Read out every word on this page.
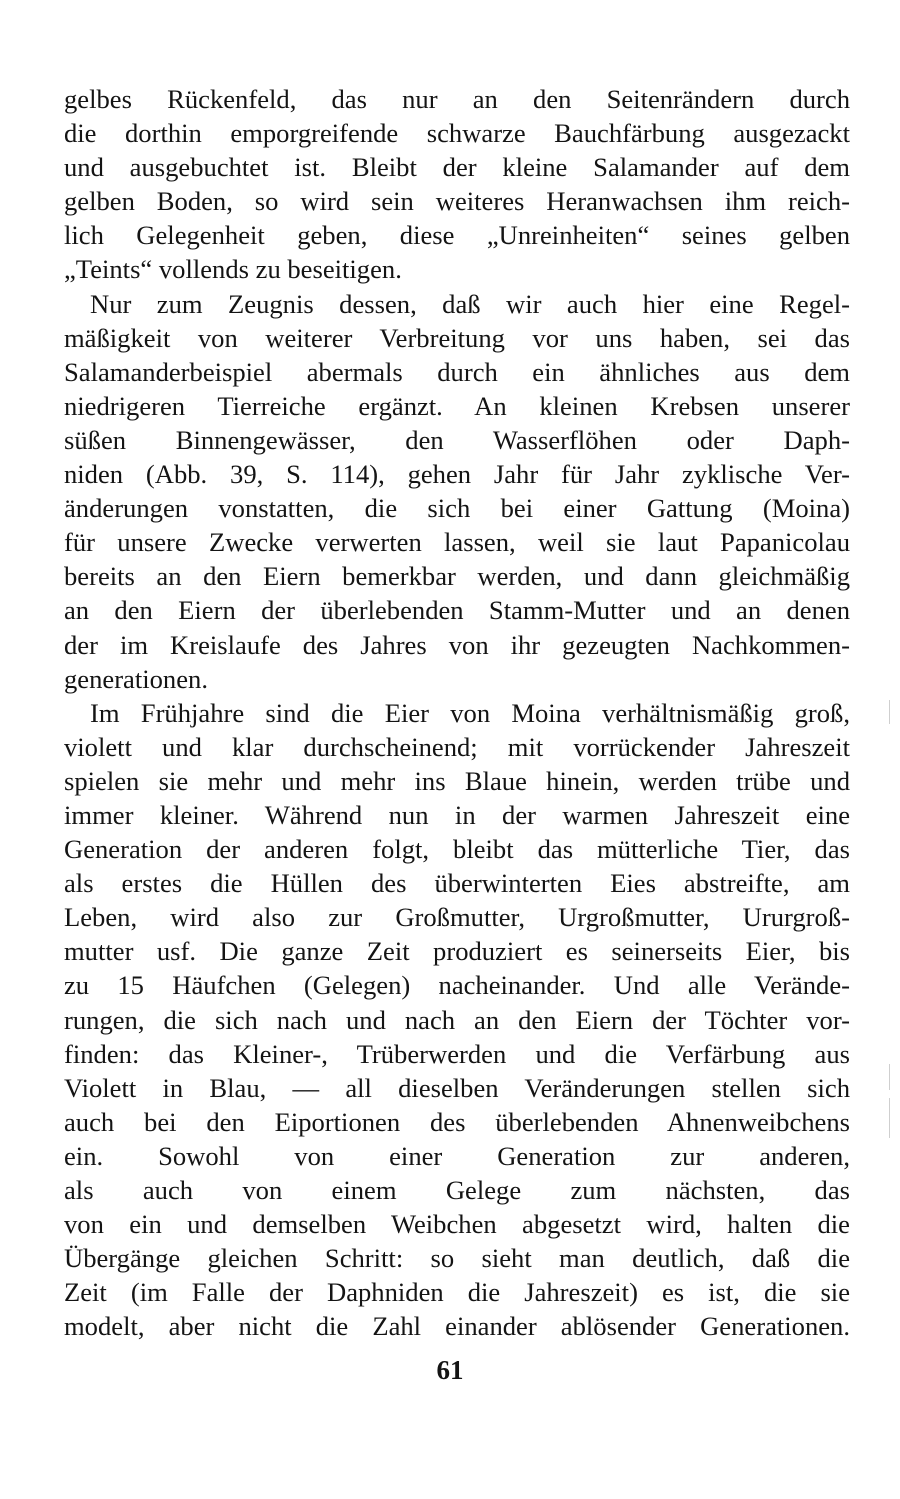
gelbes Rückenfeld, das nur an den Seitenrändern durch
die dorthin emporgreifende schwarze Bauchfärbung ausgezackt
und ausgebuchtet ist. Bleibt der kleine Salamander auf dem
gelben Boden, so wird sein weiteres Heranwachsen ihm reich-
lich Gelegenheit geben, diese „Unreinheiten“ seines gelben
„Teints“ vollends zu beseitigen.
Nur zum Zeugnis dessen, daß wir auch hier eine Regel-
mäßigkeit von weiterer Verbreitung vor uns haben, sei das
Salamanderbeispiel abermals durch ein ähnliches aus dem
niedrigeren Tierreiche ergänzt. An kleinen Krebsen unserer
süßen Binnengewässer, den Wasserflöhen oder Daph-
niden (Abb. 39, S. 114), gehen Jahr für Jahr zyklische Ver-
änderungen vonstatten, die sich bei einer Gattung (Moina)
für unsere Zwecke verwerten lassen, weil sie laut Papanicolau
bereits an den Eiern bemerkbar werden, und dann gleichmäßig
an den Eiern der überlebenden Stamm-Mutter und an denen
der im Kreislaufe des Jahres von ihr gezeugten Nachkommen-
generationen.
Im Frühjahre sind die Eier von Moina verhältnismäßig groß,
violett und klar durchscheinend; mit vorrückender Jahreszeit
spielen sie mehr und mehr ins Blaue hinein, werden trübe und
immer kleiner. Während nun in der warmen Jahreszeit eine
Generation der anderen folgt, bleibt das mütterliche Tier, das
als erstes die Hüllen des überwinterten Eies abstreifte, am
Leben, wird also zur Großmutter, Urgroßmutter, Ururgroß-
mutter usf. Die ganze Zeit produziert es seinerseits Eier, bis
zu 15 Häufchen (Gelegen) nacheinander. Und alle Verände-
rungen, die sich nach und nach an den Eiern der Töchter vor-
finden: das Kleiner-, Trüberwerden und die Verfärbung aus
Violett in Blau, — all dieselben Veränderungen stellen sich
auch bei den Eiportionen des überlebenden Ahnenweibchens
ein. Sowohl von einer Generation zur anderen,
als auch von einem Gelege zum nächsten, das
von ein und demselben Weibchen abgesetzt wird, halten die
Übergänge gleichen Schritt: so sieht man deutlich, daß die
Zeit (im Falle der Daphniden die Jahreszeit) es ist, die sie
modelt, aber nicht die Zahl einander ablösender Generationen.
61
